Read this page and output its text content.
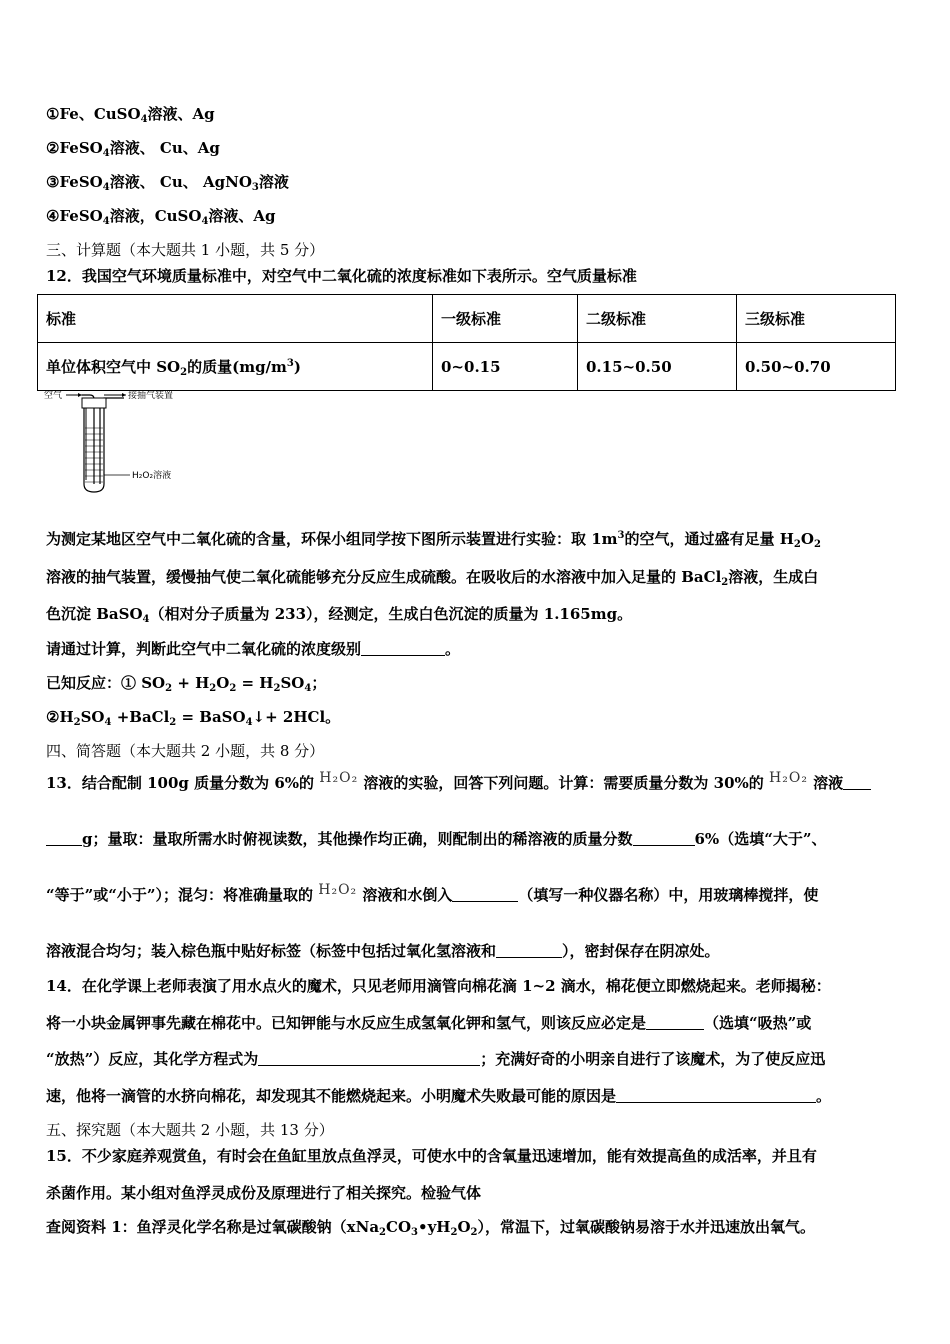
①Fe、CuSO$_4$溶液、Ag
②FeSO$_4$溶液、 Cu、Ag
③FeSO$_4$溶液、 Cu、 AgNO$_3$溶液
④FeSO$_4$溶液，CuSO$_4$溶液、Ag
三、计算题（本大题共 1 小题，共 5 分）
12．我国空气环境质量标准中，对空气中二氧化硫的浓度标准如下表所示。空气质量标准
标准	一级标准	二级标准	三级标准
单位体积空气中 $SO_2$的质量$(mg/m^3)$	0~0.15	0.15~0.50	0.50~0.70
空气	接抽气装置
H₂O₂溶液
为测定某地区空气中二氧化硫的含量，环保小组同学按下图所示装置进行实验：取 $1m^3$的空气，通过盛有足量 $H_2O_2$
溶液的抽气装置，缓慢抽气使二氧化硫能够充分反应生成硫酸。在吸收后的水溶液中加入足量的 BaCl$_2$溶液，生成白
色沉淀 BaSO$_4$（相对分子质量为 233），经测定，生成白色沉淀的质量为 1.165mg。
请通过计算，判断此空气中二氧化硫的浓度级别	。
已知反应：① $SO_2 + H_2O_2 = H_2SO_4$；
$②H_2SO_4$ +BaCl$_2$ = BaSO$_4$↓+ 2HCl。
四、简答题（本大题共 2 小题，共 8 分）
13．结合配制 100g 质量分数为 6%的 H₂O₂ 溶液的实验，回答下列问题。计算：需要质量分数为 30%的 H₂O₂ 溶液
g；量取：量取所需水时俯视读数，其他操作均正确，则配制出的稀溶液的质量分数	6%（选填“大于”、
“等于”或“小于”）；混匀：将准确量取的 H₂O₂ 溶液和水倒入	（填写一种仪器名称）中，用玻璃棒搅拌，使
溶液混合均匀；装入棕色瓶中贴好标签（标签中包括过氧化氢溶液和	），密封保存在阴凉处。
14．在化学课上老师表演了用水点火的魔术，只见老师用滴管向棉花滴 1~2 滴水，棉花便立即燃烧起来。老师揭秘：
将一小块金属钾事先藏在棉花中。已知钾能与水反应生成氢氧化钾和氢气，则该反应必定是	（选填“吸热”或
“放热”）反应，其化学方程式为	；充满好奇的小明亲自进行了该魔术，为了使反应迅
速，他将一滴管的水挤向棉花，却发现其不能燃烧起来。小明魔术失败最可能的原因是	。
五、探究题（本大题共 2 小题，共 13 分）
15．不少家庭养观赏鱼，有时会在鱼缸里放点鱼浮灵，可使水中的含氧量迅速增加，能有效提高鱼的成活率，并且有
杀菌作用。某小组对鱼浮灵成份及原理进行了相关探究。检验气体
查阅资料 1：鱼浮灵化学名称是过氧碳酸钠$(xNa_2CO_3•yH_2O_2)$，常温下，过氧碳酸钠易溶于水并迅速放出氧气。
